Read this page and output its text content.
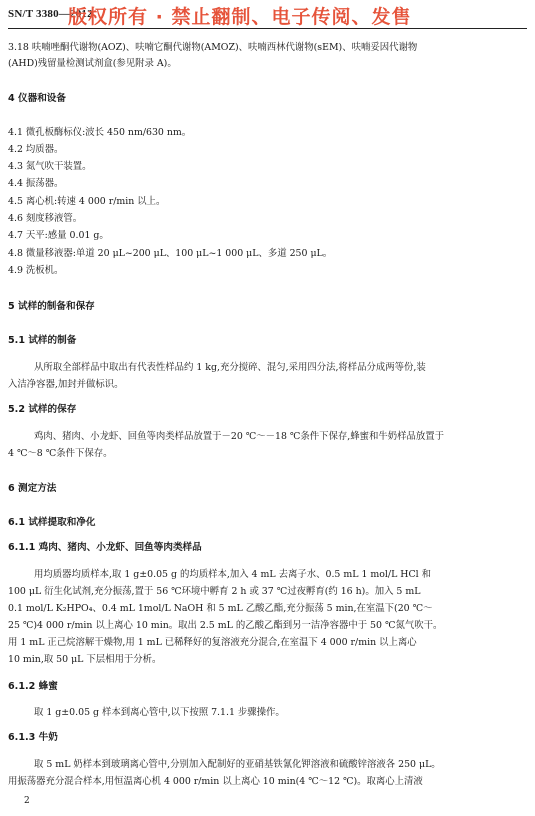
SN/T 3380—2012
版权所有 · 禁止翻制、电子传阅、发售
3.18 呋喃唑酮代谢物(AOZ)、呋喃它酮代谢物(AMOZ)、呋喃西林代谢物(sEM)、呋喃妥因代谢物
(AHD)残留量检测试剂盒(参见附录 A)。
4 仪器和设备
4.1 微孔板酶标仪:波长 450 nm/630 nm。
4.2 均质器。
4.3 氮气吹干装置。
4.4 振荡器。
4.5 离心机:转速 4 000 r/min 以上。
4.6 刻度移液管。
4.7 天平:感量 0.01 g。
4.8 微量移液器:单道 20 μL~200 μL、100 μL~1 000 μL、多道 250 μL。
4.9 洗板机。
5 试样的制备和保存
5.1 试样的制备
从所取全部样品中取出有代表性样品约 1 kg,充分搅碎、混匀,采用四分法,将样品分成两等份,装
入洁净容器,加封并做标识。
5.2 试样的保存
鸡肉、猪肉、小龙虾、回鱼等肉类样品放置于－20 ℃～－18 ℃条件下保存,蜂蜜和牛奶样品放置于
4 ℃～8 ℃条件下保存。
6 测定方法
6.1 试样提取和净化
6.1.1 鸡肉、猪肉、小龙虾、回鱼等肉类样品
用均质器均质样本,取 1 g±0.05 g 的均质样本,加入 4 mL 去离子水、0.5 mL 1 mol/L HCl 和
100 μL 衍生化试剂,充分振荡,置于 56 ℃环境中孵育 2 h 或 37 ℃过夜孵育(约 16 h)。加入 5 mL
0.1 mol/L K₂HPO₄、0.4 mL 1mol/L NaOH 和 5 mL 乙酸乙酯,充分振荡 5 min,在室温下(20 ℃～
25 ℃)4 000 r/min 以上离心 10 min。取出 2.5 mL 的乙酸乙酯到另一洁净容器中于 50 ℃氮气吹干。
用 1 mL 正己烷溶解干燥物,用 1 mL 已稀释好的复溶液充分混合,在室温下 4 000 r/min 以上离心
10 min,取 50 μL 下层相用于分析。
6.1.2 蜂蜜
取 1 g±0.05 g 样本到离心管中,以下按照 7.1.1 步骤操作。
6.1.3 牛奶
取 5 mL 奶样本到玻璃离心管中,分别加入配制好的亚硝基铁氰化钾溶液和硫酸锌溶液各 250 μL。
用振荡器充分混合样本,用恒温离心机 4 000 r/min 以上离心 10 min(4 ℃～12 ℃)。取离心上清液
2
